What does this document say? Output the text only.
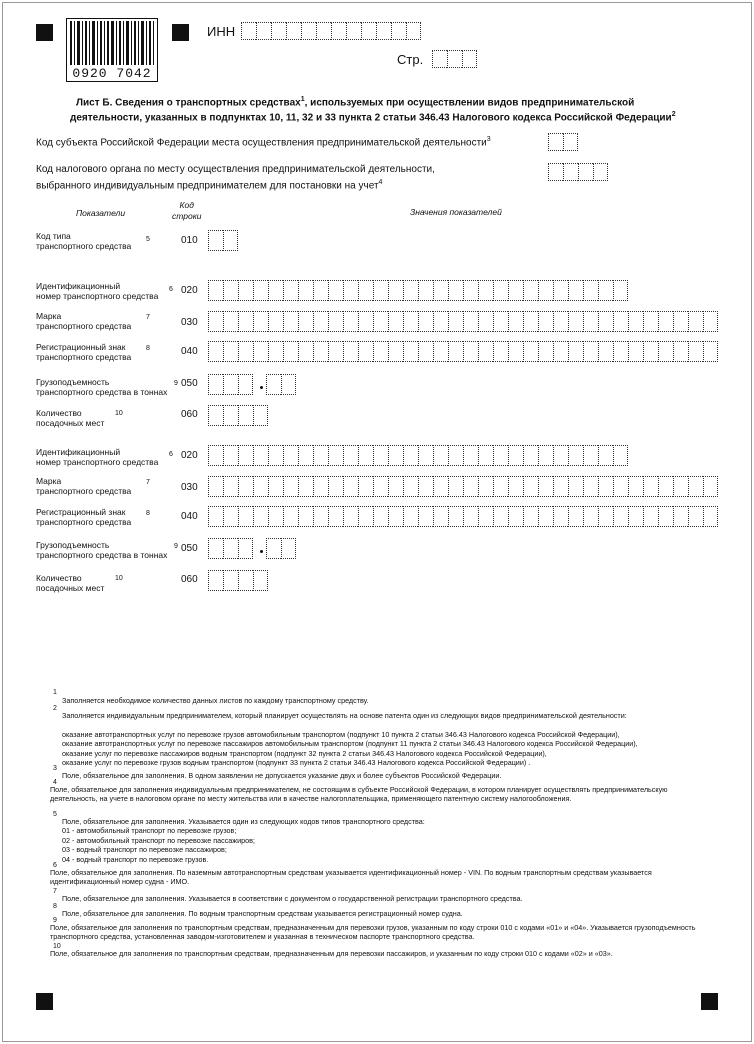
0920 7042
ИНН
Стр.
Лист Б. Сведения о транспортных средствах$^1$, используемых при осуществлении видов предпринимательской
деятельности, указанных в подпунктах 10, 11, 32 и 33 пункта 2 статьи 346.43 Налогового кодекса Российской Федерации$^2$
Код субъекта Российской Федерации места осуществления предпринимательской деятельности$^3$
Код налогового органа по месту осуществления предпринимательской деятельности,
выбранного индивидуальным предпринимателем для постановки на учет$^4$
Показатели
Код
строки	Значения показателей
Код типа
транспортного средства
5	010
Идентификационный
номер транспортного средства
6 020
Марка
транспортного средства
7	030
Регистрационный знак
транспортного средства
8	040
Грузоподъемность
транспортного средства в тоннах
9 050
Количество
посадочных мест
10	060
Идентификационный
номер транспортного средства
6 020
Марка
транспортного средства
7	030
Регистрационный знак
транспортного средства
8	040
Грузоподъемность
транспортного средства в тоннах
9 050
Количество
посадочных мест
10	060
1
Заполняется необходимое количество данных листов по каждому транспортному средству.
2
Заполняется индивидуальным предпринимателем, который планирует осуществлять на основе патента один из следующих видов предпринимательской деятельности:
оказание автотранспортных услуг по перевозке грузов автомобильным транспортом (подпункт 10 пункта 2 статьи 346.43 Налогового кодекса Российской Федерации),
оказание автотранспортных услуг по перевозке пассажиров автомобильным транспортом (подпункт 11 пункта 2 статьи 346.43 Налогового кодекса Российской Федерации),
оказание услуг по перевозке пассажиров водным транспортом (подпункт 32 пункта 2 статьи 346.43 Налогового кодекса Российской Федерации),
оказание услуг по перевозке грузов водным транспортом (подпункт 33 пункта 2 статьи 346.43 Налогового кодекса Российской Федерации) .
3
Поле, обязательное для заполнения. В одном заявлении не допускается указание двух и более субъектов Российской Федерации.
4
Поле, обязательное для заполнения индивидуальным предпринимателем, не состоящим в субъекте Российской Федерации, в котором планирует осуществлять предпринимательскую деятельность, на учете в налоговом органе по месту жительства или в качестве налогоплательщика, применяющего патентную систему налогообложения.
5
Поле, обязательное для заполнения. Указывается один из следующих кодов типов транспортного средства:
01 - автомобильный транспорт по перевозке грузов;
02 - автомобильный транспорт по перевозке пассажиров;
03 - водный транспорт по перевозке пассажиров;
04 - водный транспорт по перевозке грузов.
6
Поле, обязательное для заполнения. По наземным автотранспортным средствам указывается идентификационный номер - VIN. По водным транспортным средствам указывается идентификационный номер судна - ИМО.
7
Поле, обязательное для заполнения. Указывается в соответствии с документом о государственной регистрации транспортного средства.
8
Поле, обязательное для заполнения. По водным транспортным средствам указывается регистрационный номер судна.
9
Поле, обязательное для заполнения по транспортным средствам, предназначенным для перевозки грузов, указанным по коду строки 010 с кодами «01» и «04». Указывается грузоподъемность транспортного средства, установленная заводом-изготовителем и указанная в техническом паспорте транспортного средства.
10
Поле, обязательное для заполнения по транспортным средствам, предназначенным для перевозки пассажиров, и указанным по коду строки 010 с кодами «02» и «03».
